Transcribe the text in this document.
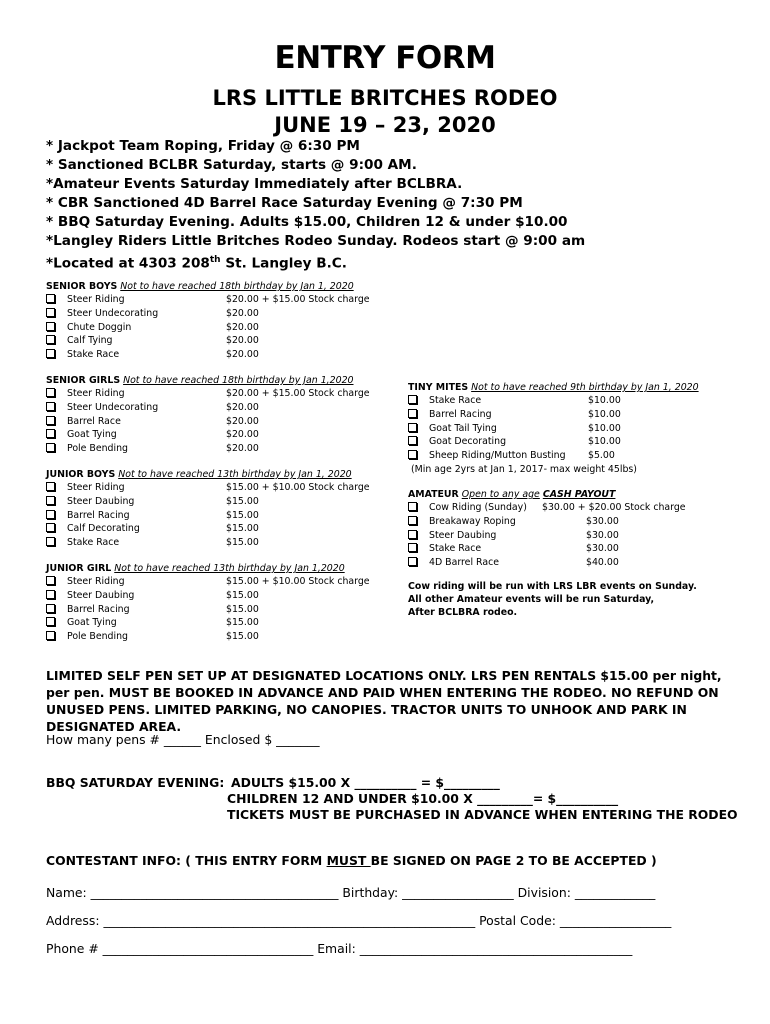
ENTRY FORM
LRS LITTLE BRITCHES RODEO
JUNE 19 – 23, 2020
* Jackpot Team Roping, Friday @ 6:30 PM
* Sanctioned BCLBR Saturday, starts @ 9:00 AM.
*Amateur Events Saturday Immediately after BCLBRA.
* CBR Sanctioned 4D Barrel Race Saturday Evening @ 7:30 PM
* BBQ Saturday Evening. Adults $15.00, Children 12 & under $10.00
*Langley Riders Little Britches Rodeo Sunday. Rodeos start @ 9:00 am
*Located at 4303 208th St. Langley B.C.
SENIOR BOYS Not to have reached 18th birthday by Jan 1, 2020
Steer Riding	$20.00 + $15.00 Stock charge
Steer Undecorating	$20.00
Chute Doggin	$20.00
Calf Tying	$20.00
Stake Race	$20.00
SENIOR GIRLS Not to have reached 18th birthday by Jan 1,2020
Steer Riding	$20.00 + $15.00 Stock charge
Steer Undecorating	$20.00
Barrel Race	$20.00
Goat Tying	$20.00
Pole Bending	$20.00
JUNIOR BOYS Not to have reached 13th birthday by Jan 1, 2020
Steer Riding	$15.00 + $10.00 Stock charge
Steer Daubing	$15.00
Barrel Racing	$15.00
Calf Decorating	$15.00
Stake Race	$15.00
JUNIOR GIRL Not to have reached 13th birthday by Jan 1,2020
Steer Riding	$15.00 + $10.00 Stock charge
Steer Daubing	$15.00
Barrel Racing	$15.00
Goat Tying	$15.00
Pole Bending	$15.00
TINY MITES Not to have reached 9th birthday by Jan 1, 2020
Stake Race	$10.00
Barrel Racing	$10.00
Goat Tail Tying	$10.00
Goat Decorating	$10.00
Sheep Riding/Mutton Busting $5.00
(Min age 2yrs at Jan 1, 2017- max weight 45lbs)
AMATEUR Open to any age CASH PAYOUT
Cow Riding (Sunday) $30.00 + $20.00 Stock charge
Breakaway Roping	$30.00
Steer Daubing	$30.00
Stake Race	$30.00
4D Barrel Race	$40.00
Cow riding will be run with LRS LBR events on Sunday.
All other Amateur events will be run Saturday,
After BCLBRA rodeo.
LIMITED SELF PEN SET UP AT DESIGNATED LOCATIONS ONLY. LRS PEN RENTALS $15.00 per night, per pen. MUST BE BOOKED IN ADVANCE AND PAID WHEN ENTERING THE RODEO. NO REFUND ON UNUSED PENS. LIMITED PARKING, NO CANOPIES. TRACTOR UNITS TO UNHOOK AND PARK IN DESIGNATED AREA.
How many pens # ______ Enclosed $ _______
BBQ SATURDAY EVENING: ADULTS $15.00 X __________ = $_________
CHILDREN 12 AND UNDER $10.00 X _________= $__________
TICKETS MUST BE PURCHASED IN ADVANCE WHEN ENTERING THE RODEO
CONTESTANT INFO: ( THIS ENTRY FORM MUST BE SIGNED ON PAGE 2 TO BE ACCEPTED )
Name: ________________________________________ Birthday: __________________ Division: _____________
Address: ____________________________________________________________ Postal Code: __________________
Phone # __________________________________ Email: ____________________________________________
